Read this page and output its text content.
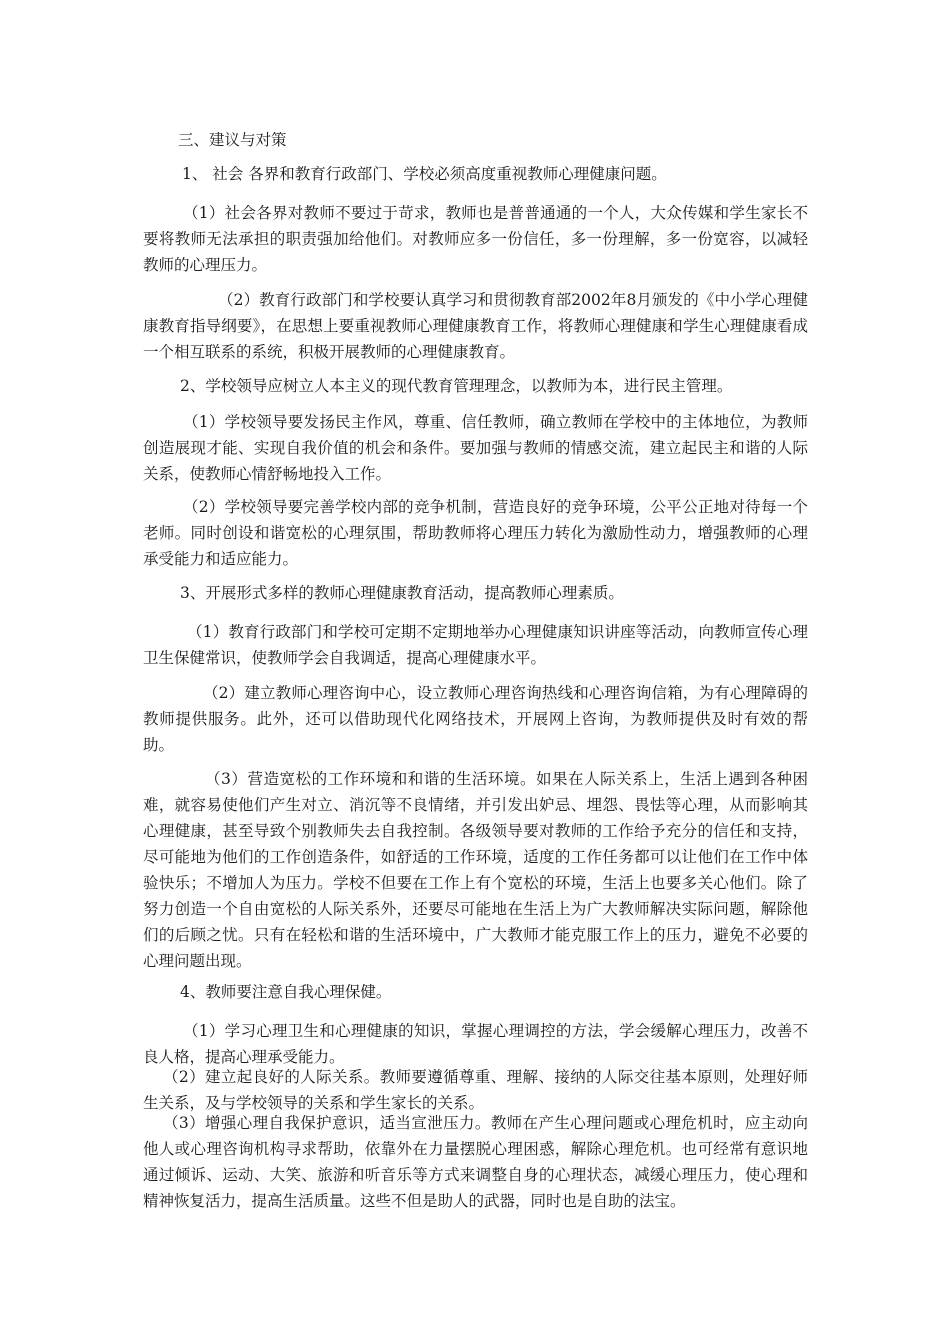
三、建议与对策

1、 社会 各界和教育行政部门、学校必须高度重视教师心理健康问题。

（1）社会各界对教师不要过于苛求，教师也是普普通通的一个人，大众传媒和学生家长不要将教师无法承担的职责强加给他们。对教师应多一份信任，多一份理解，多一份宽容，以减轻教师的心理压力。

（2）教育行政部门和学校要认真学习和贯彻教育部2002年8月颁发的《中小学心理健康教育指导纲要》，在思想上要重视教师心理健康教育工作，将教师心理健康和学生心理健康看成一个相互联系的系统，积极开展教师的心理健康教育。

2、学校领导应树立人本主义的现代教育管理理念，以教师为本，进行民主管理。

（1）学校领导要发扬民主作风，尊重、信任教师，确立教师在学校中的主体地位，为教师创造展现才能、实现自我价值的机会和条件。要加强与教师的情感交流，建立起民主和谐的人际关系，使教师心情舒畅地投入工作。

（2）学校领导要完善学校内部的竞争机制，营造良好的竞争环境，公平公正地对待每一个老师。同时创设和谐宽松的心理氛围，帮助教师将心理压力转化为激励性动力，增强教师的心理承受能力和适应能力。

3、开展形式多样的教师心理健康教育活动，提高教师心理素质。

（1）教育行政部门和学校可定期不定期地举办心理健康知识讲座等活动，向教师宣传心理卫生保健常识，使教师学会自我调适，提高心理健康水平。

（2）建立教师心理咨询中心，设立教师心理咨询热线和心理咨询信箱，为有心理障碍的教师提供服务。此外，还可以借助现代化网络技术，开展网上咨询，为教师提供及时有效的帮助。

（3）营造宽松的工作环境和和谐的生活环境。如果在人际关系上，生活上遇到各种困难，就容易使他们产生对立、消沉等不良情绪，并引发出妒忌、埋怨、畏怯等心理，从而影响其心理健康，甚至导致个别教师失去自我控制。各级领导要对教师的工作给予充分的信任和支持，尽可能地为他们的工作创造条件，如舒适的工作环境，适度的工作任务都可以让他们在工作中体验快乐；不增加人为压力。学校不但要在工作上有个宽松的环境，生活上也要多关心他们。除了努力创造一个自由宽松的人际关系外，还要尽可能地在生活上为广大教师解决实际问题，解除他们的后顾之忧。只有在轻松和谐的生活环境中，广大教师才能克服工作上的压力，避免不必要的心理问题出现。

4、教师要注意自我心理保健。

（1）学习心理卫生和心理健康的知识，掌握心理调控的方法，学会缓解心理压力，改善不良人格，提高心理承受能力。

（2）建立起良好的人际关系。教师要遵循尊重、理解、接纳的人际交往基本原则，处理好师生关系，及与学校领导的关系和学生家长的关系。

（3）增强心理自我保护意识，适当宣泄压力。教师在产生心理问题或心理危机时，应主动向他人或心理咨询机构寻求帮助，依靠外在力量摆脱心理困惑，解除心理危机。也可经常有意识地通过倾诉、运动、大笑、旅游和听音乐等方式来调整自身的心理状态，减缓心理压力，使心理和精神恢复活力，提高生活质量。这些不但是助人的武器，同时也是自助的法宝。
